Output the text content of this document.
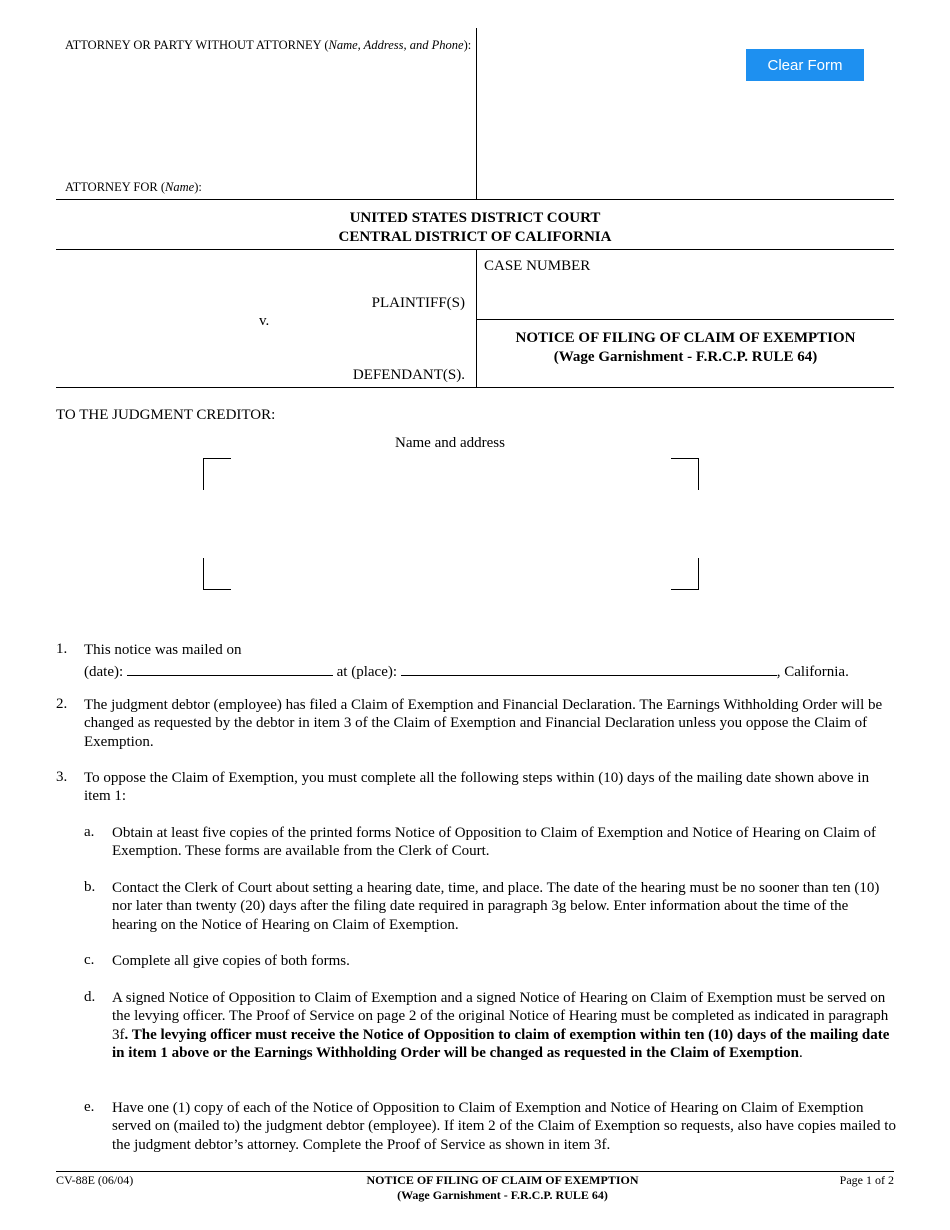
ATTORNEY OR PARTY WITHOUT ATTORNEY (Name, Address, and Phone):
Clear Form
ATTORNEY FOR (Name):
UNITED STATES DISTRICT COURT
CENTRAL DISTRICT OF CALIFORNIA
CASE NUMBER
PLAINTIFF(S)
v.
DEFENDANT(S).
NOTICE OF FILING OF CLAIM OF EXEMPTION
(Wage Garnishment - F.R.C.P. RULE 64)
TO THE JUDGMENT CREDITOR:
Name and address
1. This notice was mailed on
(date):	at (place):	, California.
2. The judgment debtor (employee) has filed a Claim of Exemption and Financial Declaration. The Earnings Withholding Order will be changed as requested by the debtor in item 3 of the Claim of Exemption and Financial Declaration unless you oppose the Claim of Exemption.
3. To oppose the Claim of Exemption, you must complete all the following steps within (10) days of the mailing date shown above in item 1:
a. Obtain at least five copies of the printed forms Notice of Opposition to Claim of Exemption and Notice of Hearing on Claim of Exemption. These forms are available from the Clerk of Court.
b. Contact the Clerk of Court about setting a hearing date, time, and place. The date of the hearing must be no sooner than ten (10) nor later than twenty (20) days after the filing date required in paragraph 3g below. Enter information about the time of the hearing on the Notice of Hearing on Claim of Exemption.
c. Complete all give copies of both forms.
d. A signed Notice of Opposition to Claim of Exemption and a signed Notice of Hearing on Claim of Exemption must be served on the levying officer. The Proof of Service on page 2 of the original Notice of Hearing must be completed as indicated in paragraph 3f. The levying officer must receive the Notice of Opposition to claim of exemption within ten (10) days of the mailing date in item 1 above or the Earnings Withholding Order will be changed as requested in the Claim of Exemption.
e. Have one (1) copy of each of the Notice of Opposition to Claim of Exemption and Notice of Hearing on Claim of Exemption served on (mailed to) the judgment debtor (employee). If item 2 of the Claim of Exemption so requests, also have copies mailed to the judgment debtor’s attorney. Complete the Proof of Service as shown in item 3f.
CV-88E (06/04)	NOTICE OF FILING OF CLAIM OF EXEMPTION
(Wage Garnishment - F.R.C.P. RULE 64)
Page 1 of 2
